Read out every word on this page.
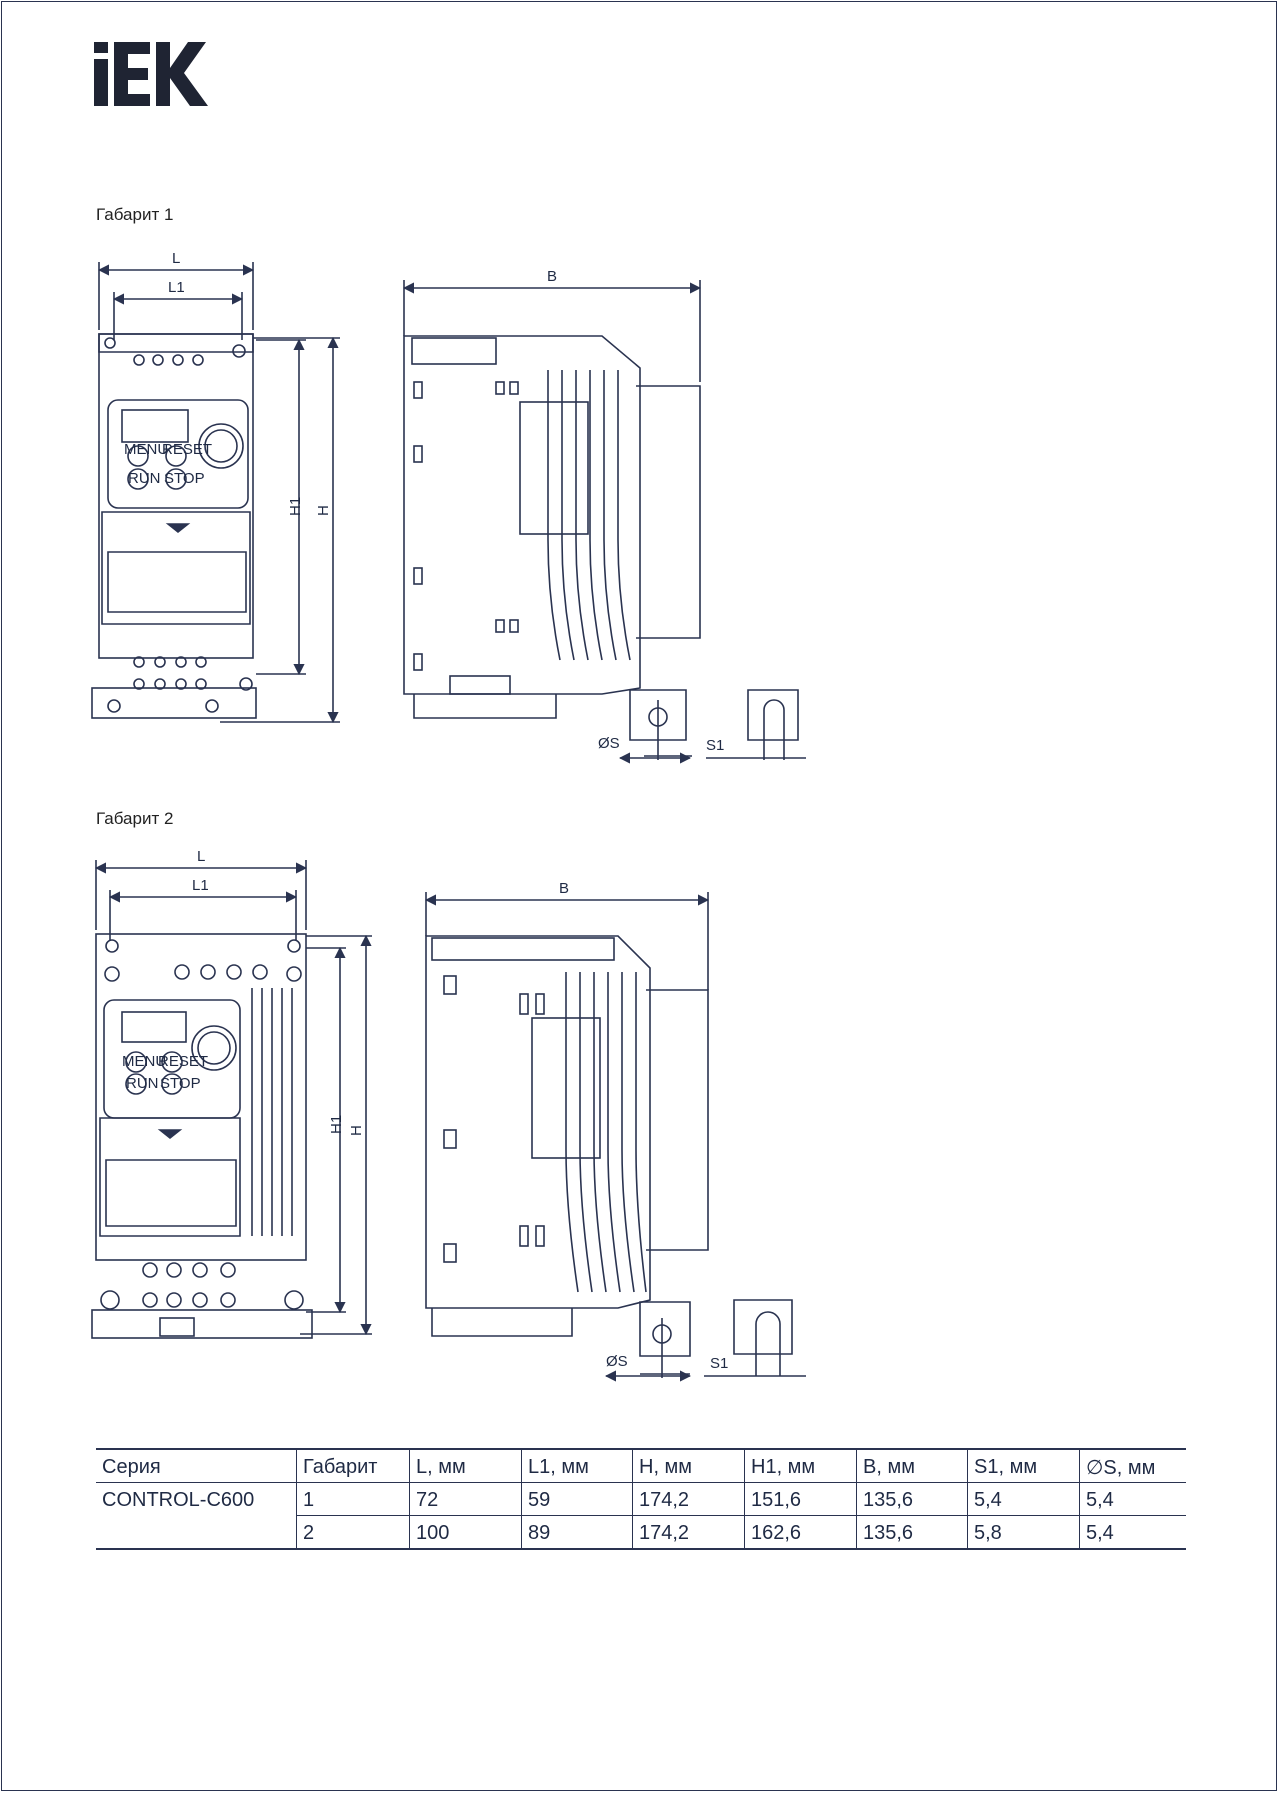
Габарит 1
MENU
RESET
RUN STOP
L
L1
H1 H
B
ØS	S1
Габарит 2
MENU
RESET
RUN STOP
L
L1
H1 H
B
ØS	S1
Серия	Габарит	L, мм	L1, мм	H, мм	H1, мм	B, мм	S1, мм	∅S, мм
CONTROL-C600	1	72	59	174,2	151,6	135,6	5,4	5,4
	2	100	89	174,2	162,6	135,6	5,8	5,4
